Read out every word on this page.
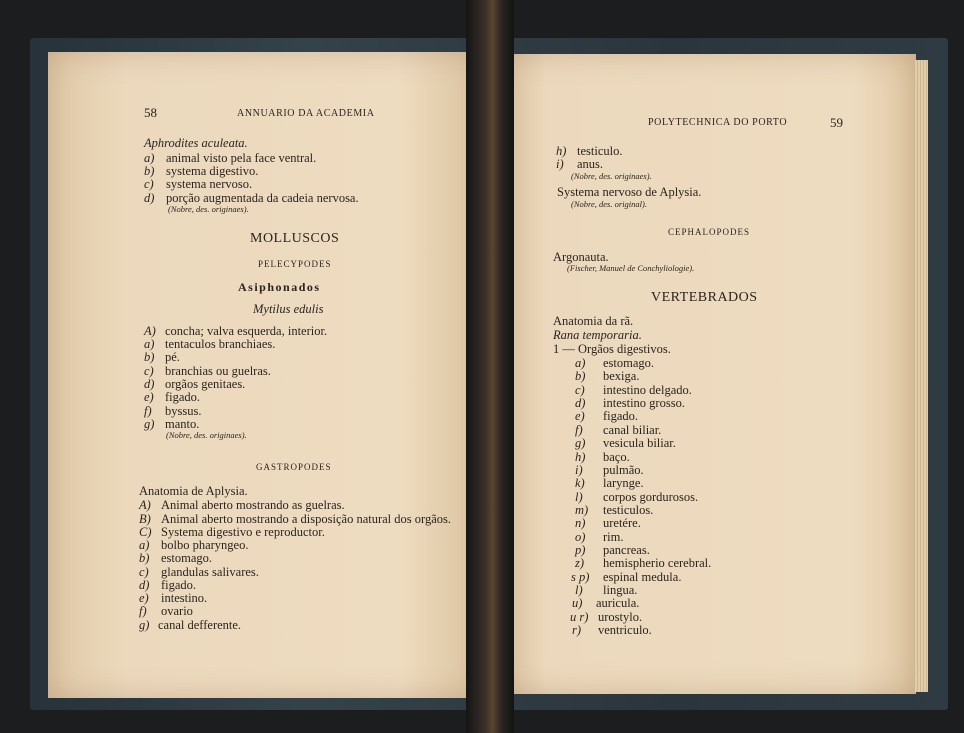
58	ANNUARIO DA ACADEMIA
Aphrodites aculeata.
a) animal visto pela face ventral.
b) systema digestivo.
c) systema nervoso.
d) porção augmentada da cadeia nervosa.
(Nobre, des. originaes).
MOLLUSCOS
PELECYPODES
Asiphonados
Mytilus edulis
A) concha; valva esquerda, interior.
a) tentaculos branchiaes.
b) pé.
c) branchias ou guelras.
d) orgãos genitaes.
e) figado.
f) byssus.
g) manto.
(Nobre, des. originaes).
GASTROPODES
Anatomia de Aplysia.
A) Animal aberto mostrando as guelras.
B) Animal aberto mostrando a disposição natural dos orgãos.
C) Systema digestivo e reproductor.
a) bolbo pharyngeo.
b) estomago.
c) glandulas salivares.
d) figado.
e) intestino.
f) ovario
g) canal defferente.
POLYTECHNICA DO PORTO	59
h) testiculo.
i) anus.
(Nobre, des. originaes).
Systema nervoso de Aplysia.
(Nobre, des. original).
CEPHALOPODES
Argonauta.
(Fischer, Manuel de Conchyliologie).
VERTEBRADOS
Anatomia da rã.
Rana temporaria.
1 — Orgãos digestivos.
a) estomago.
b) bexiga.
c) intestino delgado.
d) intestino grosso.
e) figado.
f) canal biliar.
g) vesicula biliar.
h) baço.
i) pulmão.
k) larynge.
l) corpos gordurosos.
m) testiculos.
n) uretére.
o) rim.
p) pancreas.
z) hemispherio cerebral.
s p) espinal medula.
l) lingua.
u) auricula.
u r) urostylo.
r) ventriculo.
